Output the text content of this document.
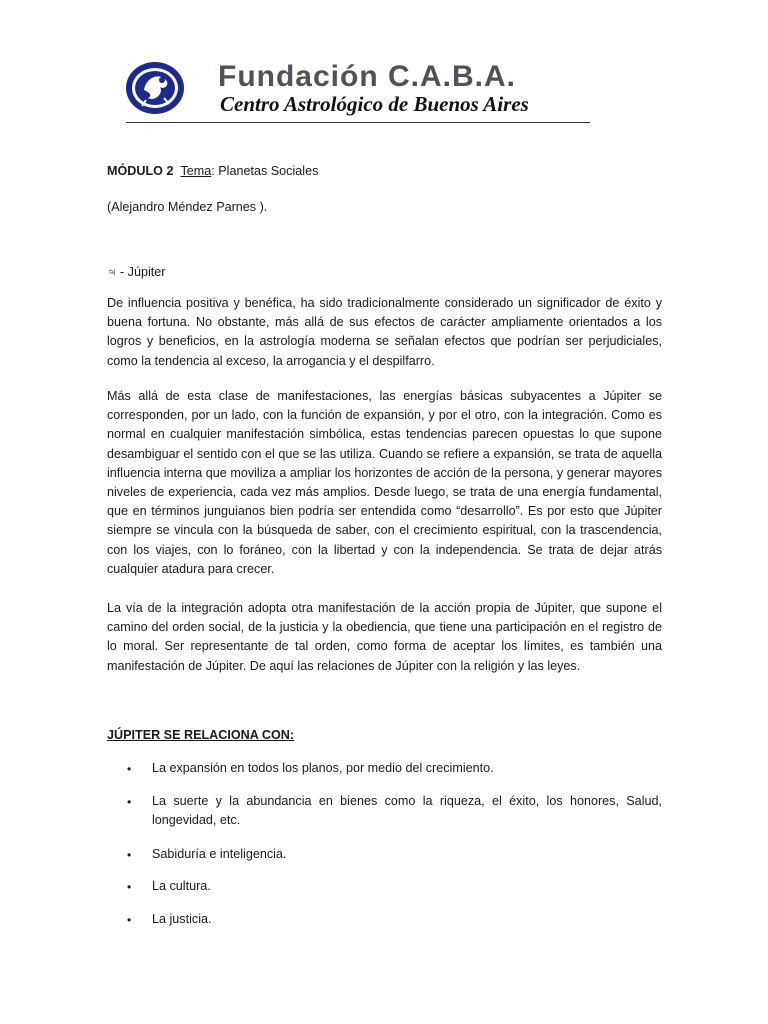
Fundación C.A.B.A.
Centro Astrológico de Buenos Aires
MÓDULO 2 Tema: Planetas Sociales
(Alejandro Méndez Parnes ).
♃ - Júpiter
De influencia positiva y benéfica, ha sido tradicionalmente considerado un significador de éxito y buena fortuna. No obstante, más allá de sus efectos de carácter ampliamente orientados a los logros y beneficios, en la astrología moderna se señalan efectos que podrían ser perjudiciales, como la tendencia al exceso, la arrogancia y el despilfarro.
Más allá de esta clase de manifestaciones, las energías básicas subyacentes a Júpiter se corresponden, por un lado, con la función de expansión, y por el otro, con la integración. Como es normal en cualquier manifestación simbólica, estas tendencias parecen opuestas lo que supone desambiguar el sentido con el que se las utiliza. Cuando se refiere a expansión, se trata de aquella influencia interna que moviliza a ampliar los horizontes de acción de la persona, y generar mayores niveles de experiencia, cada vez más amplios. Desde luego, se trata de una energía fundamental, que en términos junguianos bien podría ser entendida como “desarrollo”. Es por esto que Júpiter siempre se vincula con la búsqueda de saber, con el crecimiento espiritual, con la trascendencia, con los viajes, con lo foráneo, con la libertad y con la independencia. Se trata de dejar atrás cualquier atadura para crecer.
La vía de la integración adopta otra manifestación de la acción propia de Júpiter, que supone el camino del orden social, de la justicia y la obediencia, que tiene una participación en el registro de lo moral. Ser representante de tal orden, como forma de aceptar los límites, es también una manifestación de Júpiter. De aquí las relaciones de Júpiter con la religión y las leyes.
JÚPITER SE RELACIONA CON:
• La expansión en todos los planos, por medio del crecimiento.
• La suerte y la abundancia en bienes como la riqueza, el éxito, los honores, Salud, longevidad, etc.
• Sabiduría e inteligencia.
• La cultura.
• La justicia.
